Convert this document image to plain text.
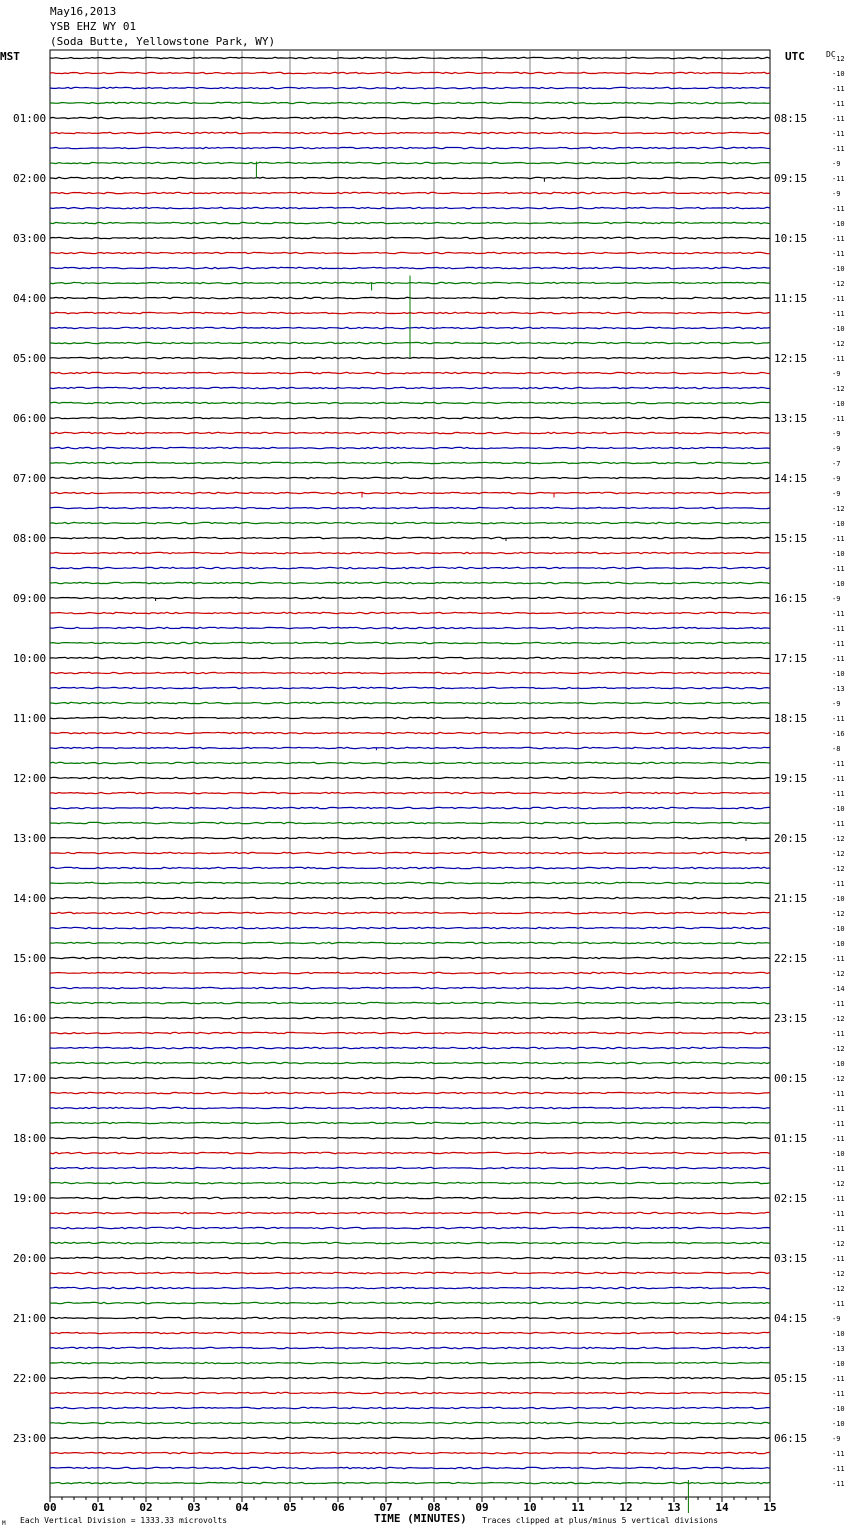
May16,2013
YSB EHZ WY 01
(Soda Butte, Yellowstone Park, WY)
MST	UTC	DC
-12
-10
-11
-11
-11
-11
-11
-9
-11
-9
-11
-10
-11
-11
-10
-12
-11
-11
-10
-12
-11
-9
-12
-10
-11
-9
-9
-7
-9
-9
-12
-10
-11
-10
-11
-10
-9
-11
-11
-11
-11
-10
-13
-9
-11
-16
-8
-11
-11
-11
-10
-11
-12
-12
-12
-11
-10
-12
-10
-10
-11
-12
-14
-11
-12
-11
-12
-10
-12
-11
-11
-11
-11
-10
-11
-12
-11
-11
-11
-12
-11
-12
-12
-11
-9
-10
-13
-10
-11
-11
-10
-10
-9
-11
-11
-11
01:00
02:00
03:00
04:00
05:00
06:00
07:00
08:00
09:00
10:00
11:00
12:00
13:00
14:00
15:00
16:00
17:00
18:00
19:00
20:00
21:00
22:00
23:00
08:15
09:15
10:15
11:15
12:15
13:15
14:15
15:15
16:15
17:15
18:15
19:15
20:15
21:15
22:15
23:15
00:15
01:15
02:15
03:15
04:15
05:15
06:15
00	01	02	03	04	05	06	07	08	09	10	11	12	13	14	15
TIME (MINUTES)
Each Vertical Division = 1333.33 microvolts	Traces clipped at plus/minus 5 vertical divisions
M
